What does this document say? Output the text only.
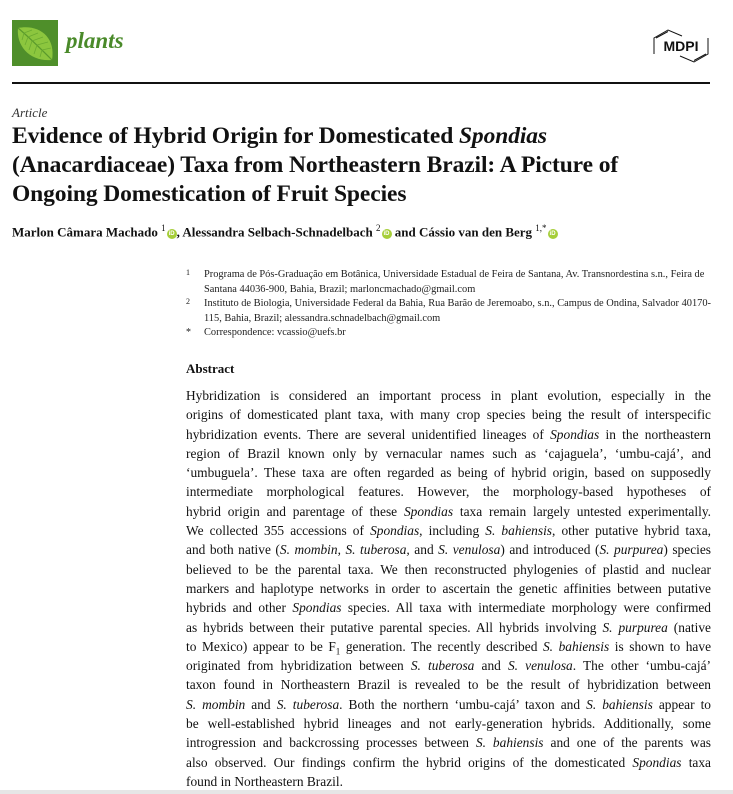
plants	MDPI
Article
Evidence of Hybrid Origin for Domesticated Spondias
(Anacardiaceae) Taxa from Northeastern Brazil: A Picture of
Ongoing Domestication of Fruit Species
Marlon Câmara Machado $^1$iD , Alessandra Selbach-Schnadelbach $^2$iD and Cássio van den Berg $^{1,*}$iD
1 Programa de Pós-Graduação em Botânica, Universidade Estadual de Feira de Santana, Av. Transnordestina s.n., Feira de Santana 44036-900, Bahia, Brazil; marloncmachado@gmail.com
2 Instituto de Biologia, Universidade Federal da Bahia, Rua Barão de Jeremoabo, s.n., Campus de Ondina, Salvador 40170-115, Bahia, Brazil; alessandra.schnadelbach@gmail.com
* Correspondence: vcassio@uefs.br
Abstract
Hybridization is considered an important process in plant evolution, especially in the
origins of domesticated plant taxa, with many crop species being the result of interspecific
hybridization events. There are several unidentified lineages of Spondias in the northeastern
region of Brazil known only by vernacular names such as ‘cajaguela’, ‘umbu-cajá’, and
‘umbuguela’. These taxa are often regarded as being of hybrid origin, based on supposedly
intermediate morphological features. However, the morphology-based hypotheses of
hybrid origin and parentage of these Spondias taxa remain largely untested experimentally.
We collected 355 accessions of Spondias, including S. bahiensis, other putative hybrid taxa,
and both native (S. mombin, S. tuberosa, and S. venulosa) and introduced (S. purpurea) species
believed to be the parental taxa. We then reconstructed phylogenies of plastid and nuclear
markers and haplotype networks in order to ascertain the genetic affinities between putative
hybrids and other Spondias species. All taxa with intermediate morphology were confirmed
as hybrids between their putative parental species. All hybrids involving S. purpurea (native
to Mexico) appear to be $F_1$ generation. The recently described S. bahiensis is shown to have
originated from hybridization between S. tuberosa and S. venulosa. The other ‘umbu-cajá’
taxon found in Northeastern Brazil is revealed to be the result of hybridization between
S. mombin and S. tuberosa. Both the northern ‘umbu-cajá’ taxon and S. bahiensis appear to
be well-established hybrid lineages and not early-generation hybrids. Additionally, some
introgression and backcrossing processes between S. bahiensis and one of the parents was
also observed. Our findings confirm the hybrid origins of the domesticated Spondias taxa
found in Northeastern Brazil.
